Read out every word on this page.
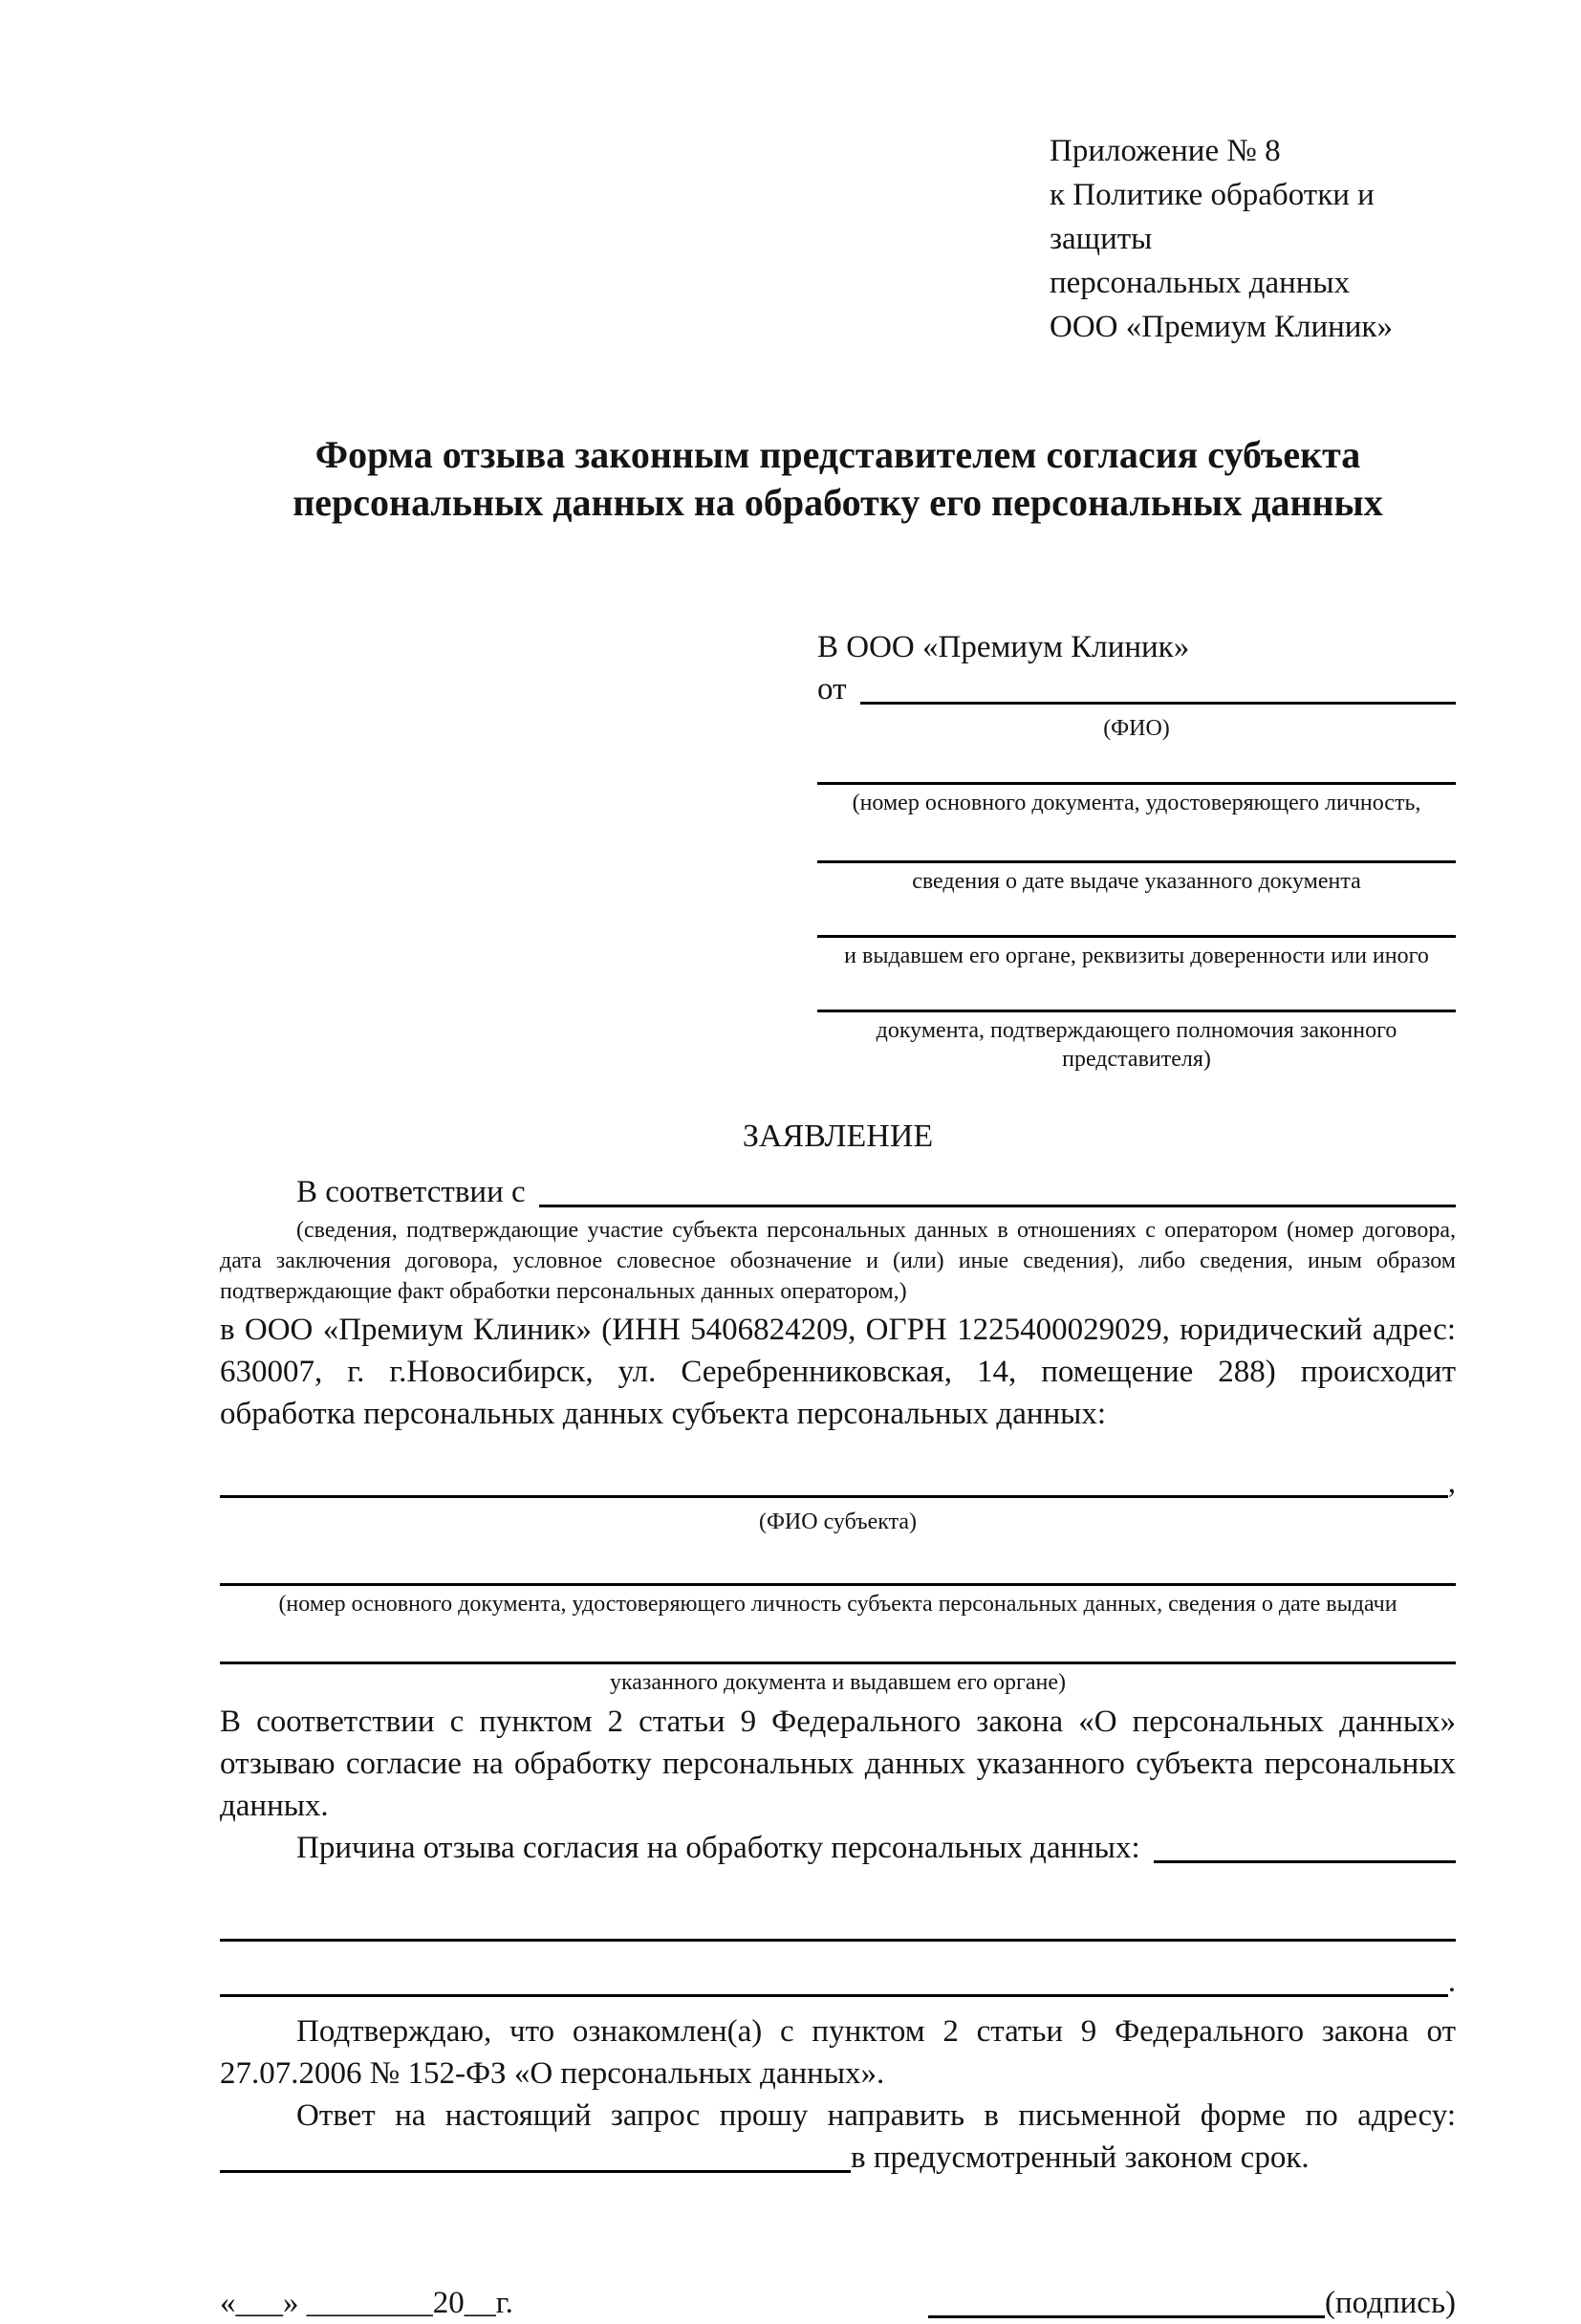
Приложение № 8
к Политике обработки и защиты
персональных данных
ООО «Премиум Клиник»
Форма отзыва законным представителем согласия субъекта
персональных данных на обработку его персональных данных
В ООО «Премиум Клиник»
от
(ФИО)
(номер основного документа, удостоверяющего личность,
сведения о дате выдаче указанного документа
и выдавшем его органе, реквизиты доверенности или иного
документа, подтверждающего полномочия законного представителя)
ЗАЯВЛЕНИЕ
В соответствии с

(сведения, подтверждающие участие субъекта персональных данных в отношениях с оператором (номер договора, дата заключения договора, условное словесное обозначение и (или) иные сведения), либо сведения, иным образом подтверждающие факт обработки персональных данных оператором,)

в ООО «Премиум Клиник» (ИНН 5406824209, ОГРН 1225400029029, юридический адрес: 630007, г. г.Новосибирск, ул. Серебренниковская, 14, помещение 288) происходит обработка персональных данных субъекта персональных данных:

,
(ФИО субъекта)
(номер основного документа, удостоверяющего личность субъекта персональных данных, сведения о дате выдачи
указанного документа и выдавшем его органе)

В соответствии с пунктом 2 статьи 9 Федерального закона «О персональных данных» отзываю согласие на обработку персональных данных указанного субъекта персональных данных.

Причина отзыва согласия на обработку персональных данных:
.

Подтверждаю, что ознакомлен(а) с пунктом 2 статьи 9 Федерального закона от 27.07.2006 № 152-ФЗ «О персональных данных».

Ответ на настоящий запрос прошу направить в письменной форме по адресу:
в предусмотренный законом срок.
«___» ________20__г.	(подпись)
